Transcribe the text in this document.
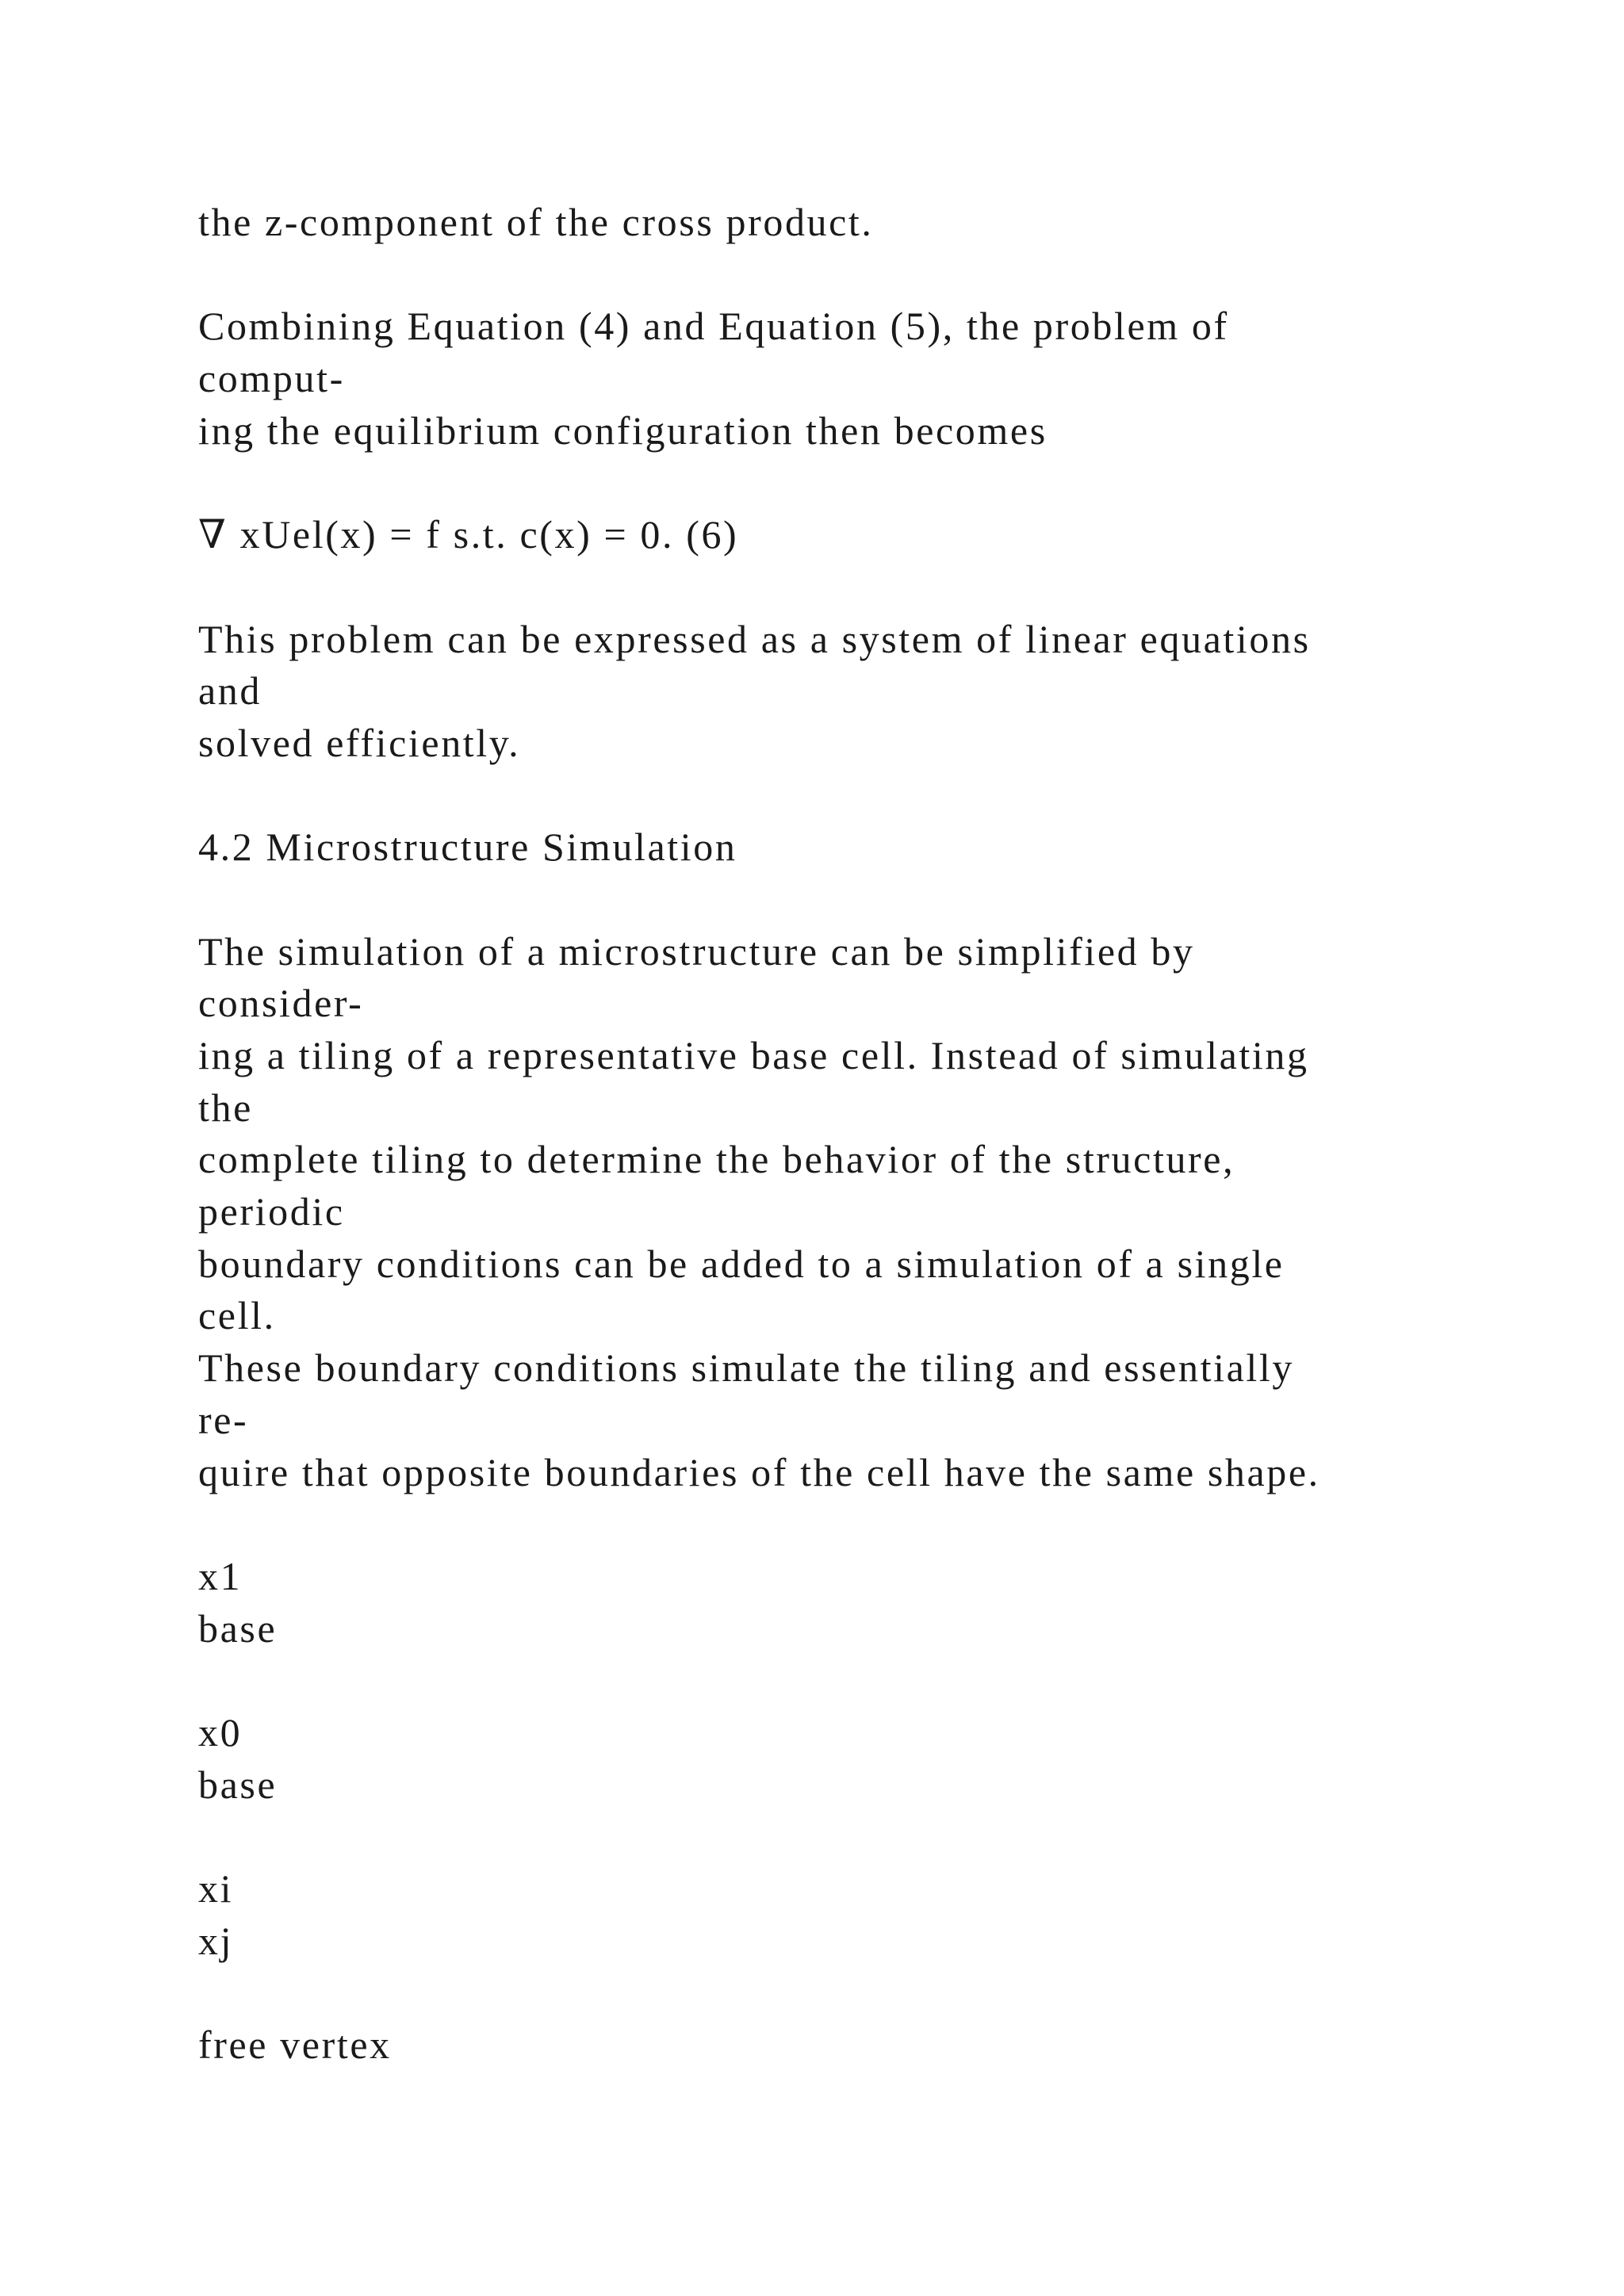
the z-component of the cross product.
Combining Equation (4) and Equation (5), the problem of
comput-
ing the equilibrium configuration then becomes
∇ xUel(x) = f s.t. c(x) = 0. (6)
This problem can be expressed as a system of linear equations
and
solved efficiently.
4.2 Microstructure Simulation
The simulation of a microstructure can be simplified by
consider-
ing a tiling of a representative base cell. Instead of simulating
the
complete tiling to determine the behavior of the structure,
periodic
boundary conditions can be added to a simulation of a single
cell.
These boundary conditions simulate the tiling and essentially
re-
quire that opposite boundaries of the cell have the same shape.
x1
base
x0
base
xi
xj
free vertex
